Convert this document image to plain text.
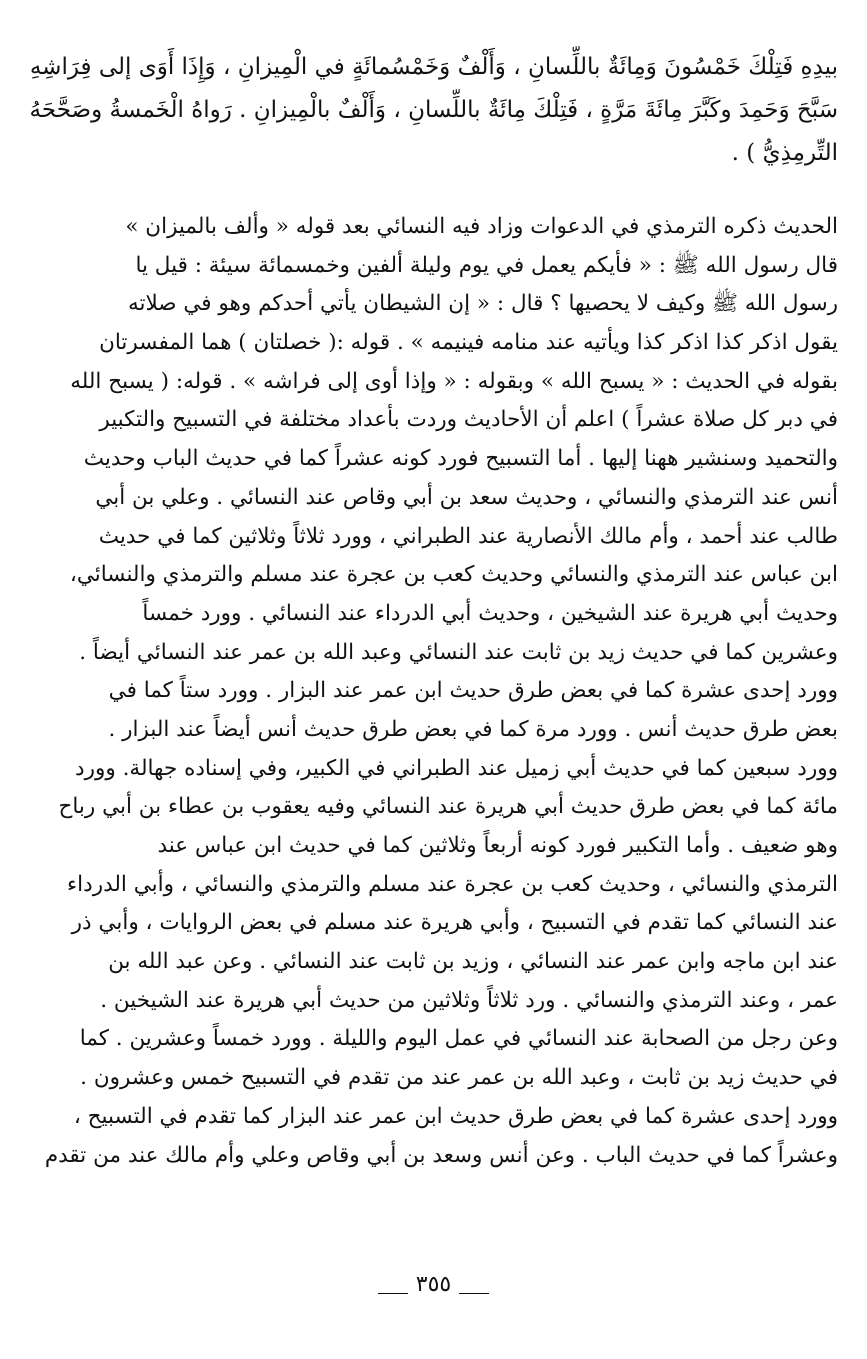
بيدِهِ فَتِلْكَ خَمْسُونَ وَمِائَةٌ باللِّسانِ ، وَأَلْفٌ وَخَمْسُمائَةٍ في الْمِيزانِ ، وَإِذَا أَوَى إلى فِرَاشِهِ
سَبَّحَ وَحَمِدَ وكَبَّرَ مِائَةَ مَرَّةٍ ، فَتِلْكَ مِائَةٌ باللِّسانِ ، وَأَلْفٌ بالْمِيزانِ . رَواهُ الْخَمسةُ وصَحَّحَهُ
التِّرمِذِيُّ ) .
الحديث ذكره الترمذي في الدعوات وزاد فيه النسائي بعد قوله « وألف بالميزان »
قال رسول الله ﷺ : « فأيكم يعمل في يوم وليلة ألفين وخمسمائة سيئة : قيل يا
رسول الله ﷺ وكيف لا يحصيها ؟ قال : « إن الشيطان يأتي أحدكم وهو في صلاته
يقول اذكر كذا اذكر كذا ويأتيه عند منامه فينيمه » . قوله :( خصلتان ) هما المفسرتان
بقوله في الحديث : « يسبح الله » وبقوله : « وإذا أوى إلى فراشه » . قوله: ( يسبح الله
في دبر كل صلاة عشراً ) اعلم أن الأحاديث وردت بأعداد مختلفة في التسبيح والتكبير
والتحميد وسنشير ههنا إليها . أما التسبيح فورد كونه عشراً كما في حديث الباب وحديث
أنس عند الترمذي والنسائي ، وحديث سعد بن أبي وقاص عند النسائي . وعلي بن أبي
طالب عند أحمد ، وأم مالك الأنصارية عند الطبراني ، وورد ثلاثاً وثلاثين كما في حديث
ابن عباس عند الترمذي والنسائي وحديث كعب بن عجرة عند مسلم والترمذي والنسائي،
وحديث أبي هريرة عند الشيخين ، وحديث أبي الدرداء عند النسائي . وورد خمساً
وعشرين كما في حديث زيد بن ثابت عند النسائي وعبد الله بن عمر عند النسائي أيضاً .
وورد إحدى عشرة كما في بعض طرق حديث ابن عمر عند البزار . وورد ستاً كما في
بعض طرق حديث أنس . وورد مرة كما في بعض طرق حديث أنس أيضاً عند البزار .
وورد سبعين كما في حديث أبي زميل عند الطبراني في الكبير، وفي إسناده جهالة. وورد
مائة كما في بعض طرق حديث أبي هريرة عند النسائي وفيه يعقوب بن عطاء بن أبي رباح
وهو ضعيف . وأما التكبير فورد كونه أربعاً وثلاثين كما في حديث ابن عباس عند
الترمذي والنسائي ، وحديث كعب بن عجرة عند مسلم والترمذي والنسائي ، وأبي الدرداء
عند النسائي كما تقدم في التسبيح ، وأبي هريرة عند مسلم في بعض الروايات ، وأبي ذر
عند ابن ماجه وابن عمر عند النسائي ، وزيد بن ثابت عند النسائي . وعن عبد الله بن
عمر ، وعند الترمذي والنسائي . ورد ثلاثاً وثلاثين من حديث أبي هريرة عند الشيخين .
وعن رجل من الصحابة عند النسائي في عمل اليوم والليلة . وورد خمساً وعشرين . كما
في حديث زيد بن ثابت ، وعبد الله بن عمر عند من تقدم في التسبيح خمس وعشرون .
وورد إحدى عشرة كما في بعض طرق حديث ابن عمر عند البزار كما تقدم في التسبيح ،
وعشراً كما في حديث الباب . وعن أنس وسعد بن أبي وقاص وعلي وأم مالك عند من تقدم
٣٥٥
